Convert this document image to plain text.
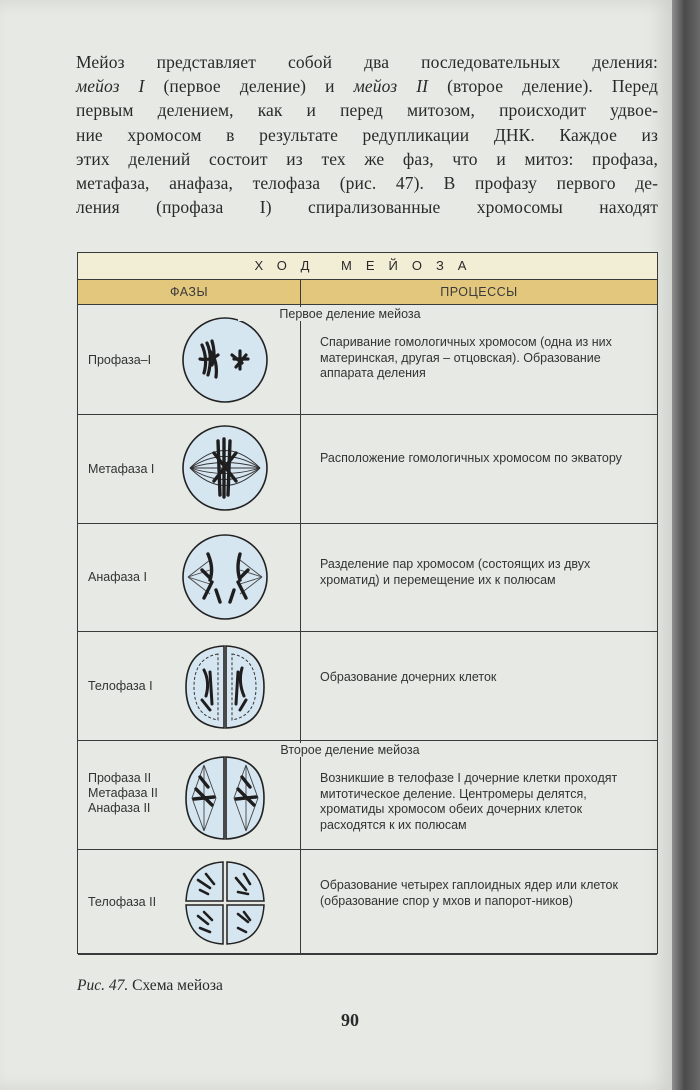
Мейоз представляет собой два последовательных деления:
мейоз I (первое деление) и мейоз II (второе деление). Перед
первым делением, как и перед митозом, происходит удвое-
ние хромосом в результате редупликации ДНК. Каждое из
этих делений состоит из тех же фаз, что и митоз: профаза,
метафаза, анафаза, телофаза (рис. 47). В профазу первого де-
ления (профаза I) спирализованные хромосомы находят
ХОД МЕЙОЗА
ФАЗЫ	ПРОЦЕССЫ
Профаза–I
Спаривание гомологичных хромосом (одна из них материнская, другая – отцовская). Образование аппарата деления
Метафаза I
Расположение гомологичных хромосом по экватору
Анафаза I
Разделение пар хромосом (состоящих из двух хроматид) и перемещение их к полюсам
Телофаза I
Образование дочерних клеток
Профаза II
Метафаза II
Анафаза II
Возникшие в телофазе I дочерние клетки проходят митотическое деление. Центромеры делятся, хроматиды хромосом обеих дочерних клеток расходятся к их полюсам
Телофаза II
Образование четырех гаплоидных ядер или клеток (образование спор у мхов и папорот-ников)
Первое деление мейоза
Второе деление мейоза
Рис. 47. Схема мейоза
90
